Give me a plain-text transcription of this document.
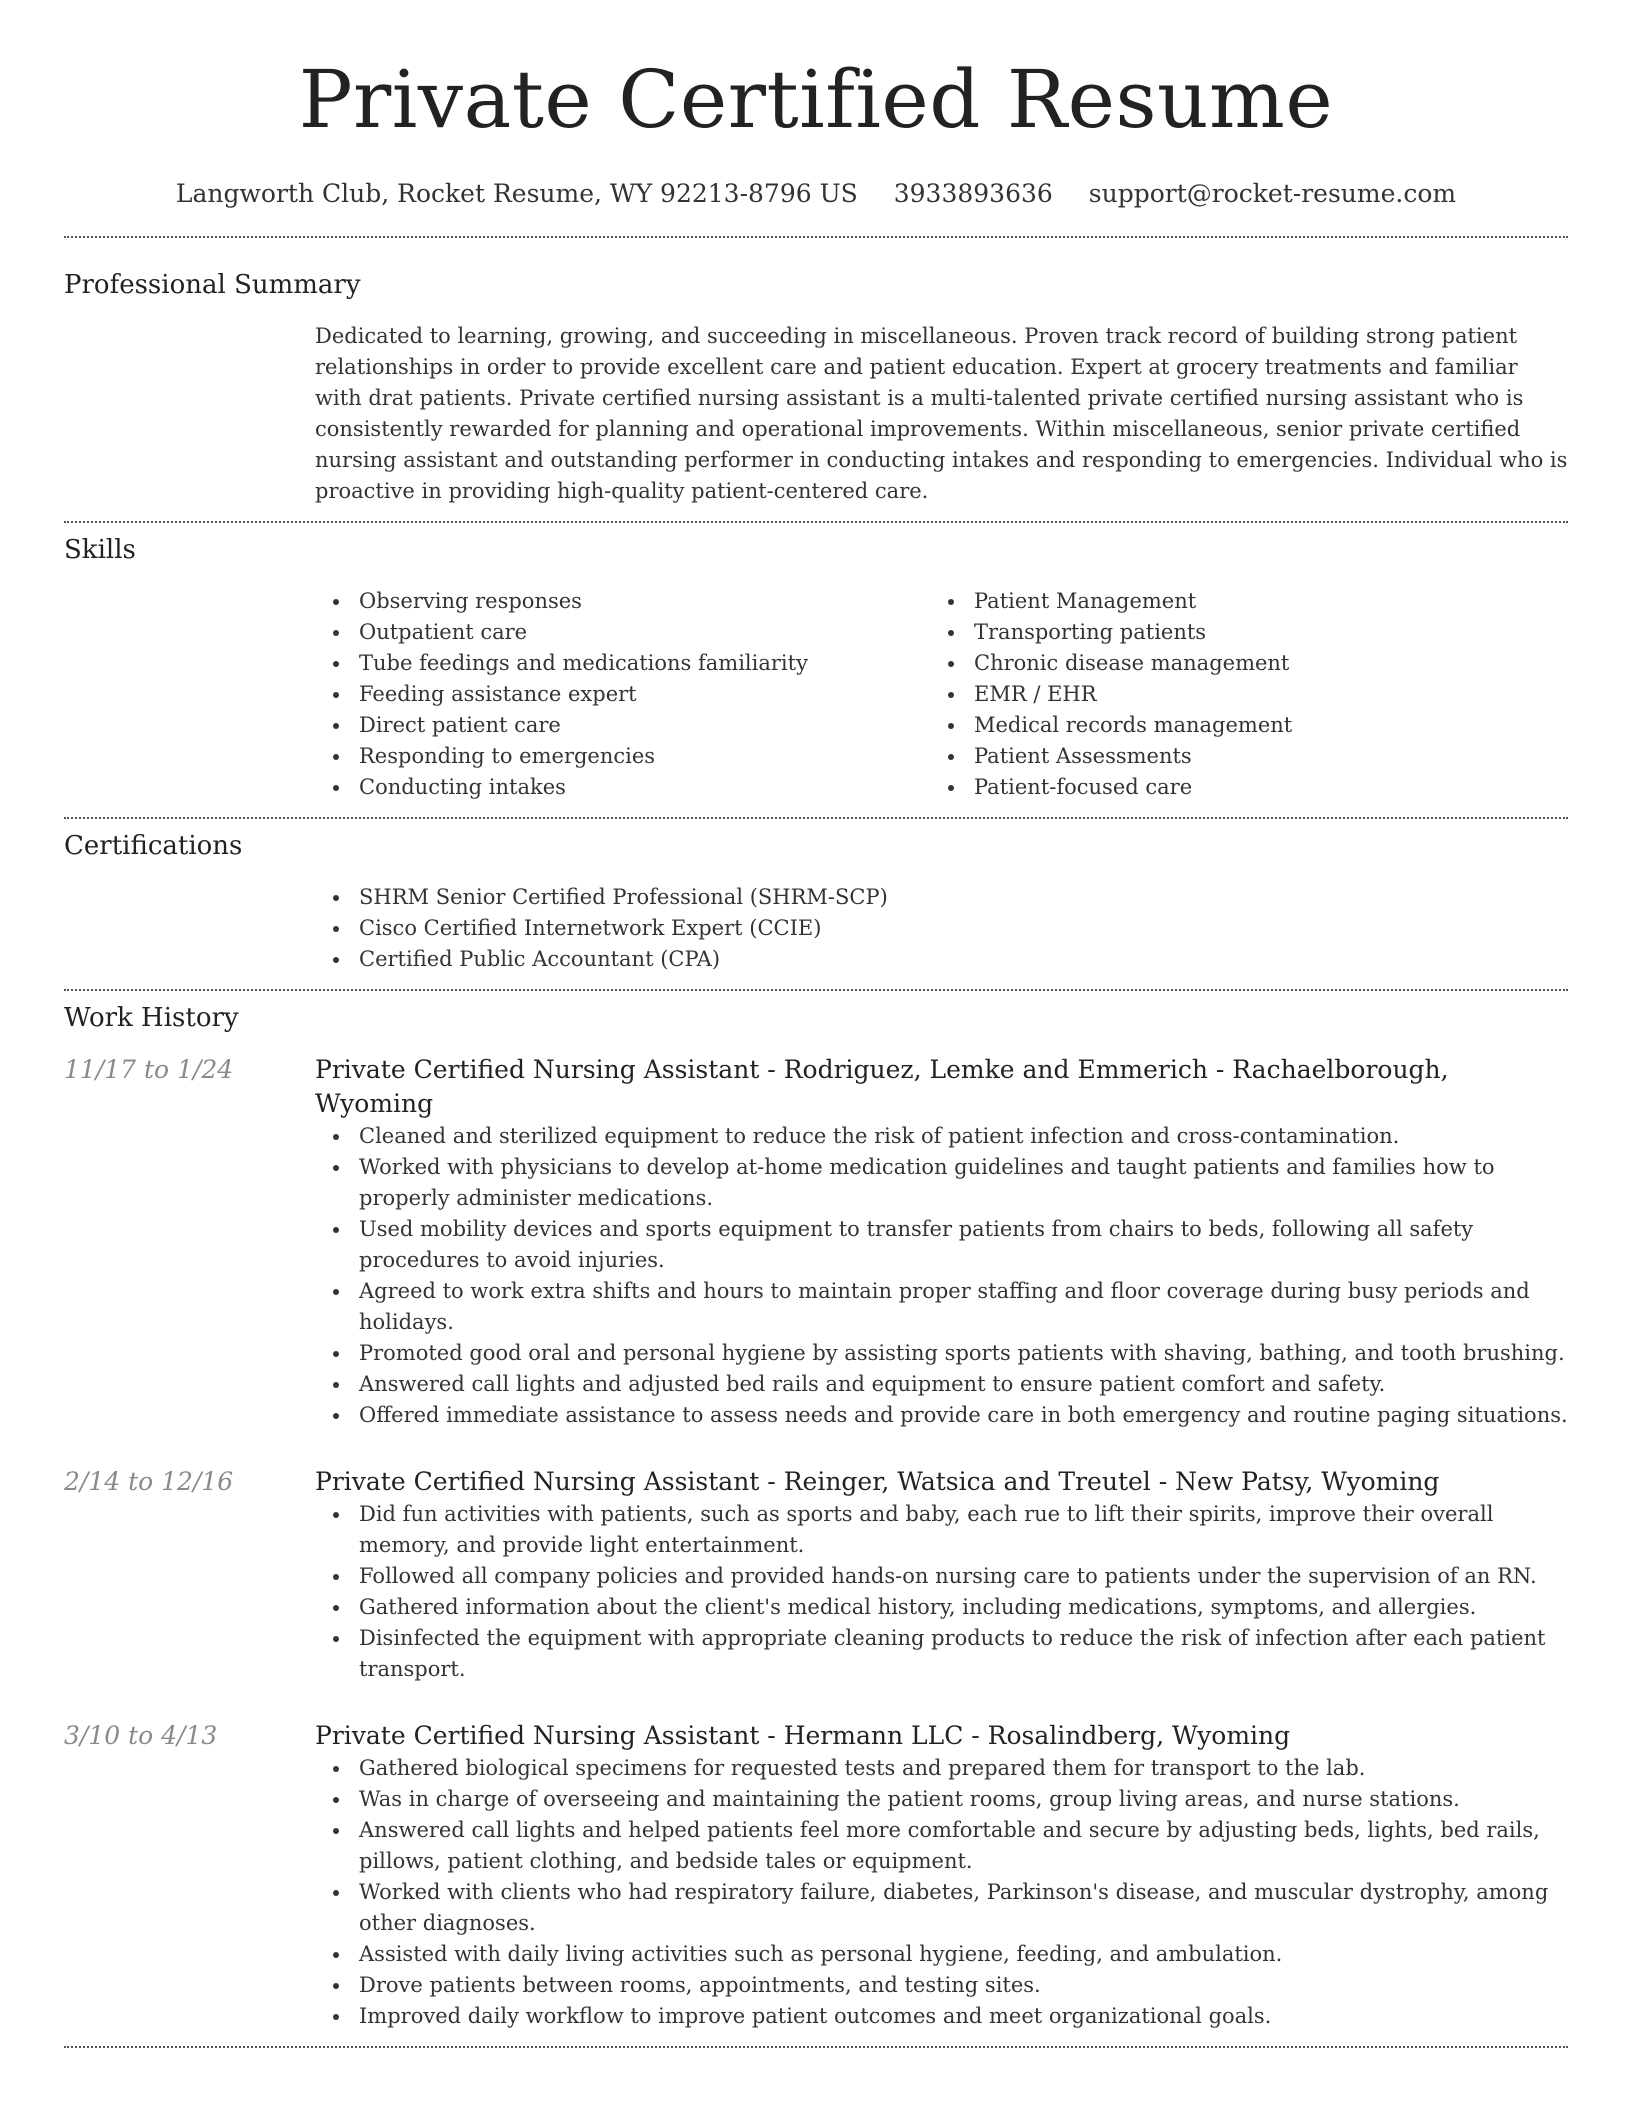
Private Certified Resume
Langworth Club, Rocket Resume, WY 92213-8796 US 3933893636 support@rocket-resume.com
Professional Summary
Dedicated to learning, growing, and succeeding in miscellaneous. Proven track record of building strong patient relationships in order to provide excellent care and patient education. Expert at grocery treatments and familiar with drat patients. Private certified nursing assistant is a multi-talented private certified nursing assistant who is consistently rewarded for planning and operational improvements. Within miscellaneous, senior private certified nursing assistant and outstanding performer in conducting intakes and responding to emergencies. Individual who is proactive in providing high-quality patient-centered care.
Skills
Observing responses
Outpatient care
Tube feedings and medications familiarity
Feeding assistance expert
Direct patient care
Responding to emergencies
Conducting intakes
Patient Management
Transporting patients
Chronic disease management
EMR / EHR
Medical records management
Patient Assessments
Patient-focused care
Certifications
SHRM Senior Certified Professional (SHRM-SCP)
Cisco Certified Internetwork Expert (CCIE)
Certified Public Accountant (CPA)
Work History
11/17 to 1/24	Private Certified Nursing Assistant - Rodriguez, Lemke and Emmerich - Rachaelborough, Wyoming
Cleaned and sterilized equipment to reduce the risk of patient infection and cross-contamination.
Worked with physicians to develop at-home medication guidelines and taught patients and families how to properly administer medications.
Used mobility devices and sports equipment to transfer patients from chairs to beds, following all safety procedures to avoid injuries.
Agreed to work extra shifts and hours to maintain proper staffing and floor coverage during busy periods and holidays.
Promoted good oral and personal hygiene by assisting sports patients with shaving, bathing, and tooth brushing.
Answered call lights and adjusted bed rails and equipment to ensure patient comfort and safety.
Offered immediate assistance to assess needs and provide care in both emergency and routine paging situations.
2/14 to 12/16	Private Certified Nursing Assistant - Reinger, Watsica and Treutel - New Patsy, Wyoming
Did fun activities with patients, such as sports and baby, each rue to lift their spirits, improve their overall memory, and provide light entertainment.
Followed all company policies and provided hands-on nursing care to patients under the supervision of an RN.
Gathered information about the client's medical history, including medications, symptoms, and allergies.
Disinfected the equipment with appropriate cleaning products to reduce the risk of infection after each patient transport.
3/10 to 4/13	Private Certified Nursing Assistant - Hermann LLC - Rosalindberg, Wyoming
Gathered biological specimens for requested tests and prepared them for transport to the lab.
Was in charge of overseeing and maintaining the patient rooms, group living areas, and nurse stations.
Answered call lights and helped patients feel more comfortable and secure by adjusting beds, lights, bed rails, pillows, patient clothing, and bedside tales or equipment.
Worked with clients who had respiratory failure, diabetes, Parkinson's disease, and muscular dystrophy, among other diagnoses.
Assisted with daily living activities such as personal hygiene, feeding, and ambulation.
Drove patients between rooms, appointments, and testing sites.
Improved daily workflow to improve patient outcomes and meet organizational goals.
